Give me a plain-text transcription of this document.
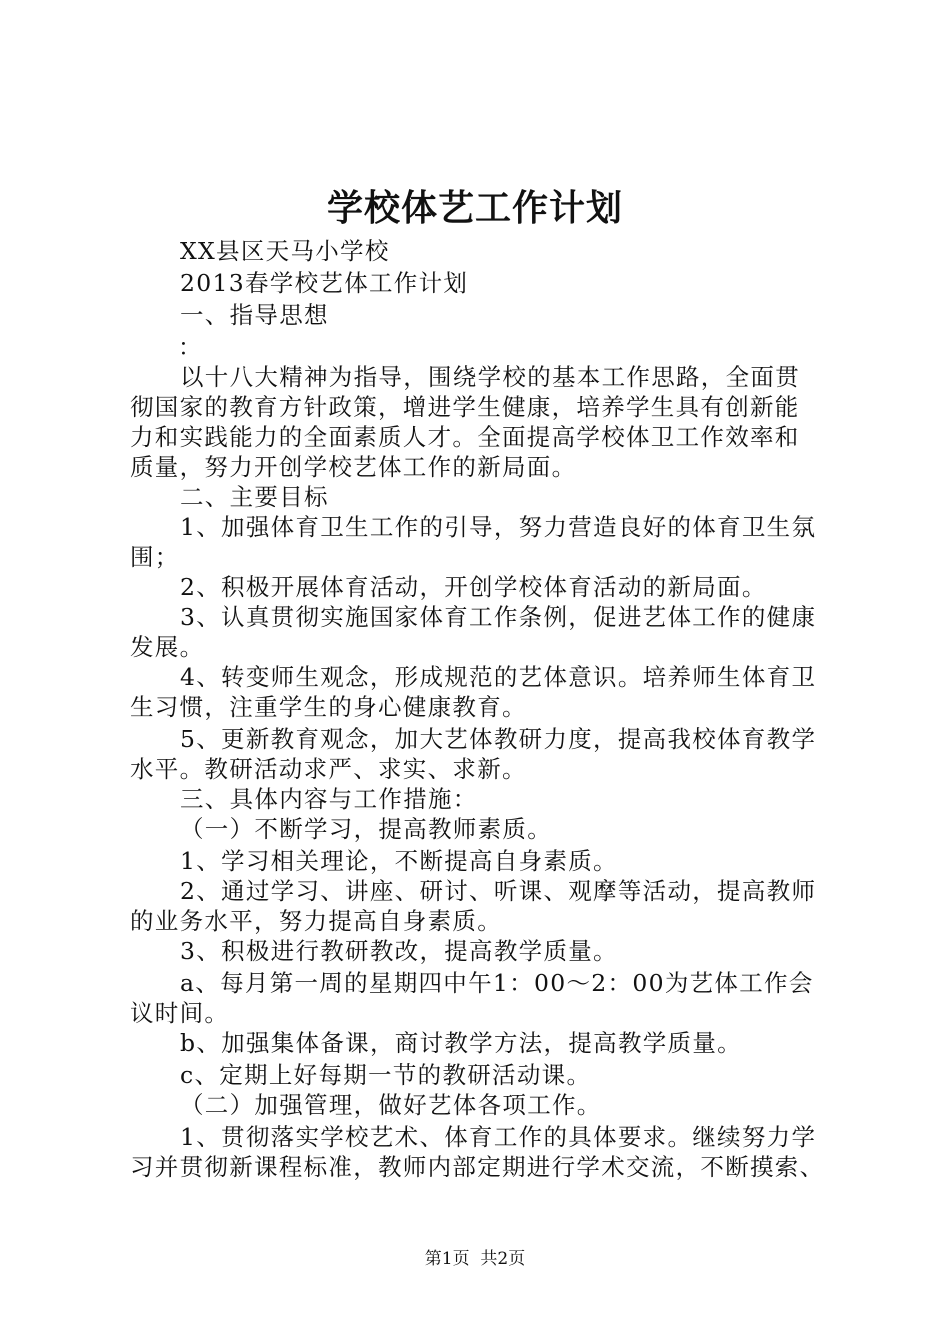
学校体艺工作计划
XX县区天马小学校
2013春学校艺体工作计划
一、指导思想
：
以十八大精神为指导，围绕学校的基本工作思路，全面贯
彻国家的教育方针政策，增进学生健康，培养学生具有创新能
力和实践能力的全面素质人才。全面提高学校体卫工作效率和
质量，努力开创学校艺体工作的新局面。
二、主要目标
1、加强体育卫生工作的引导，努力营造良好的体育卫生氛
围；
2、积极开展体育活动，开创学校体育活动的新局面。
3、认真贯彻实施国家体育工作条例，促进艺体工作的健康
发展。
4、转变师生观念，形成规范的艺体意识。培养师生体育卫
生习惯，注重学生的身心健康教育。
5、更新教育观念，加大艺体教研力度，提高我校体育教学
水平。教研活动求严、求实、求新。
三、具体内容与工作措施：
（一）不断学习，提高教师素质。
1、学习相关理论，不断提高自身素质。
2、通过学习、讲座、研讨、听课、观摩等活动，提高教师
的业务水平，努力提高自身素质。
3、积极进行教研教改，提高教学质量。
a、每月第一周的星期四中午1：00～2：00为艺体工作会
议时间。
b、加强集体备课，商讨教学方法，提高教学质量。
c、定期上好每期一节的教研活动课。
（二）加强管理，做好艺体各项工作。
1、贯彻落实学校艺术、体育工作的具体要求。继续努力学
习并贯彻新课程标准，教师内部定期进行学术交流，不断摸索、
第1页  共2页
